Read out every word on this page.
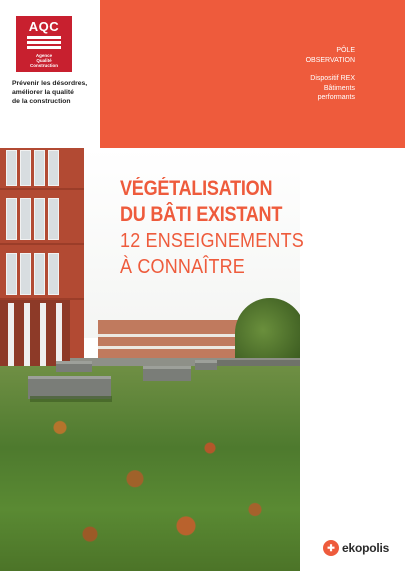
AQC
Agence
Qualité
Construction
Prévenir les désordres,
améliorer la qualité
de la construction
PÔLE
OBSERVATION
Dispositif REX
Bâtiments
performants
VÉGÉTALISATION
DU BÂTI EXISTANT
12 ENSEIGNEMENTS
À CONNAÎTRE
✚ ekopolis
